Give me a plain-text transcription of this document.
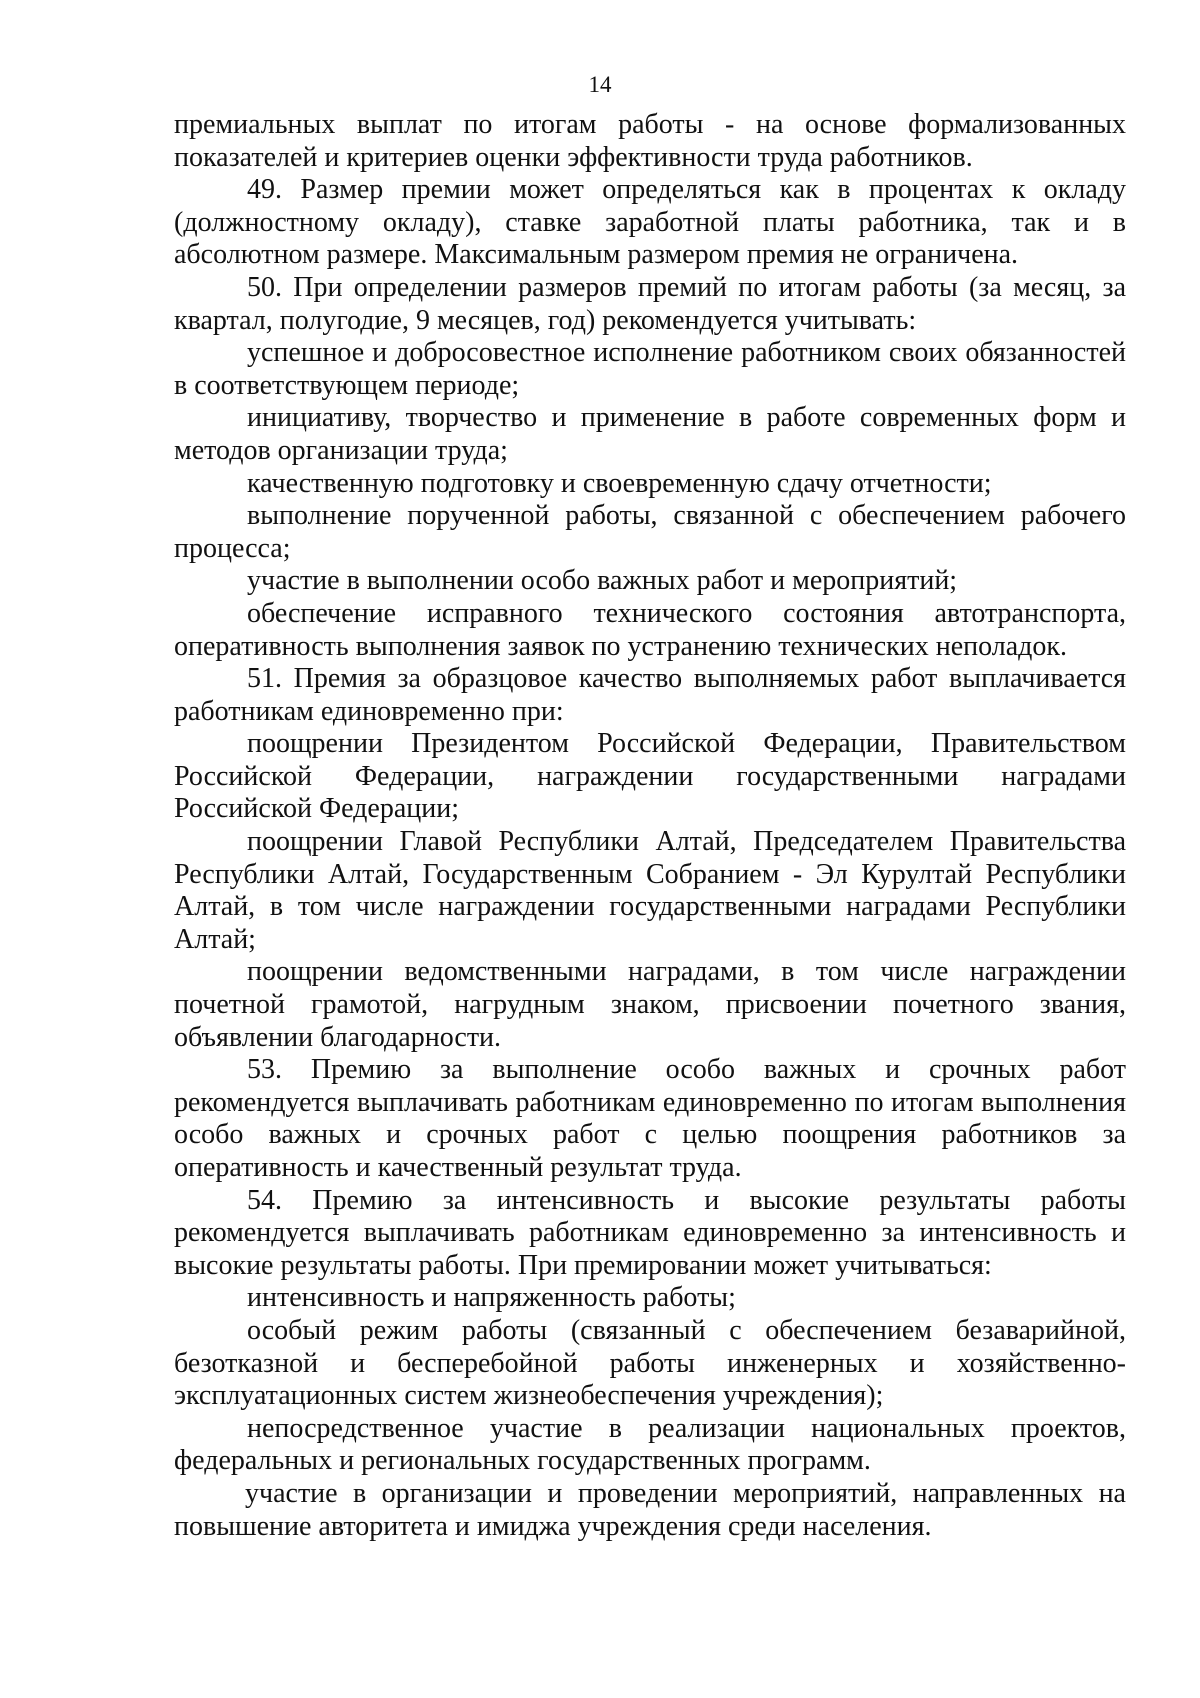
14

премиальных выплат по итогам работы - на основе формализованных показателей и критериев оценки эффективности труда работников.

49. Размер премии может определяться как в процентах к окладу (должностному окладу), ставке заработной платы работника, так и в абсолютном размере. Максимальным размером премия не ограничена.

50. При определении размеров премий по итогам работы (за месяц, за квартал, полугодие, 9 месяцев, год) рекомендуется учитывать:

успешное и добросовестное исполнение работником своих обязанностей в соответствующем периоде;

инициативу, творчество и применение в работе современных форм и методов организации труда;

качественную подготовку и своевременную сдачу отчетности;

выполнение порученной работы, связанной с обеспечением рабочего процесса;

участие в выполнении особо важных работ и мероприятий;

обеспечение исправного технического состояния автотранспорта, оперативность выполнения заявок по устранению технических неполадок.

51. Премия за образцовое качество выполняемых работ выплачивается работникам единовременно при:

поощрении Президентом Российской Федерации, Правительством Российской Федерации, награждении государственными наградами Российской Федерации;

поощрении Главой Республики Алтай, Председателем Правительства Республики Алтай, Государственным Собранием - Эл Курултай Республики Алтай, в том числе награждении государственными наградами Республики Алтай;

поощрении ведомственными наградами, в том числе награждении почетной грамотой, нагрудным знаком, присвоении почетного звания, объявлении благодарности.

53. Премию за выполнение особо важных и срочных работ рекомендуется выплачивать работникам единовременно по итогам выполнения особо важных и срочных работ с целью поощрения работников за оперативность и качественный результат труда.

54. Премию за интенсивность и высокие результаты работы рекомендуется выплачивать работникам единовременно за интенсивность и высокие результаты работы. При премировании может учитываться:

интенсивность и напряженность работы;

особый режим работы (связанный с обеспечением безаварийной, безотказной и бесперебойной работы инженерных и хозяйственно-эксплуатационных систем жизнеобеспечения учреждения);

непосредственное участие в реализации национальных проектов, федеральных и региональных государственных программ.

участие в организации и проведении мероприятий, направленных на повышение авторитета и имиджа учреждения среди населения.
